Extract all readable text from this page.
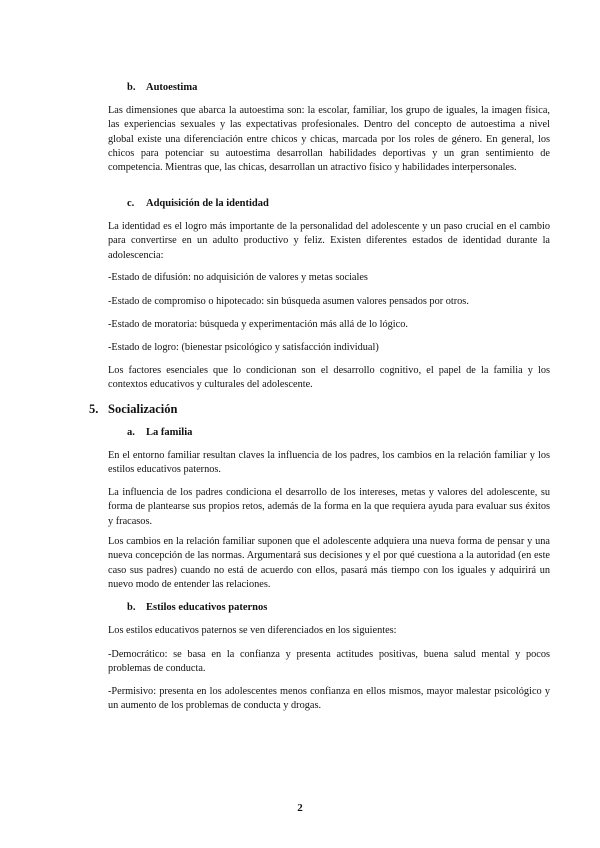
b. Autoestima

Las dimensiones que abarca la autoestima son: la escolar, familiar, los grupo de iguales, la imagen física, las experiencias sexuales y las expectativas profesionales. Dentro del concepto de autoestima a nivel global existe una diferenciación entre chicos y chicas, marcada por los roles de género. En general, los chicos para potenciar su autoestima desarrollan habilidades deportivas y un gran sentimiento de competencia. Mientras que, las chicas, desarrollan un atractivo físico y habilidades interpersonales.

c. Adquisición de la identidad

La identidad es el logro más importante de la personalidad del adolescente y un paso crucial en el cambio para convertirse en un adulto productivo y feliz. Existen diferentes estados de identidad durante la adolescencia:

-Estado de difusión: no adquisición de valores y metas sociales

-Estado de compromiso o hipotecado: sin búsqueda asumen valores pensados por otros.

-Estado de moratoria: búsqueda y experimentación más allá de lo lógico.

-Estado de logro: (bienestar psicológico y satisfacción individual)

Los factores esenciales que lo condicionan son el desarrollo cognitivo, el papel de la familia y los contextos educativos y culturales del adolescente.

5. Socialización
a. La familia

En el entorno familiar resultan claves la influencia de los padres, los cambios en la relación familiar y los estilos educativos paternos.

La influencia de los padres condiciona el desarrollo de los intereses, metas y valores del adolescente, su forma de plantearse sus propios retos, además de la forma en la que requiera ayuda para evaluar sus éxitos y fracasos.

Los cambios en la relación familiar suponen que el adolescente adquiera una nueva forma de pensar y una nueva concepción de las normas. Argumentará sus decisiones y el por qué cuestiona a la autoridad (en este caso sus padres) cuando no está de acuerdo con ellos, pasará más tiempo con los iguales y adquirirá un nuevo modo de entender las relaciones.

b. Estilos educativos paternos

Los estilos educativos paternos se ven diferenciados en los siguientes:

-Democrático: se basa en la confianza y presenta actitudes positivas, buena salud mental y pocos problemas de conducta.

-Permisivo: presenta en los adolescentes menos confianza en ellos mismos, mayor malestar psicológico y un aumento de los problemas de conducta y drogas.

2
